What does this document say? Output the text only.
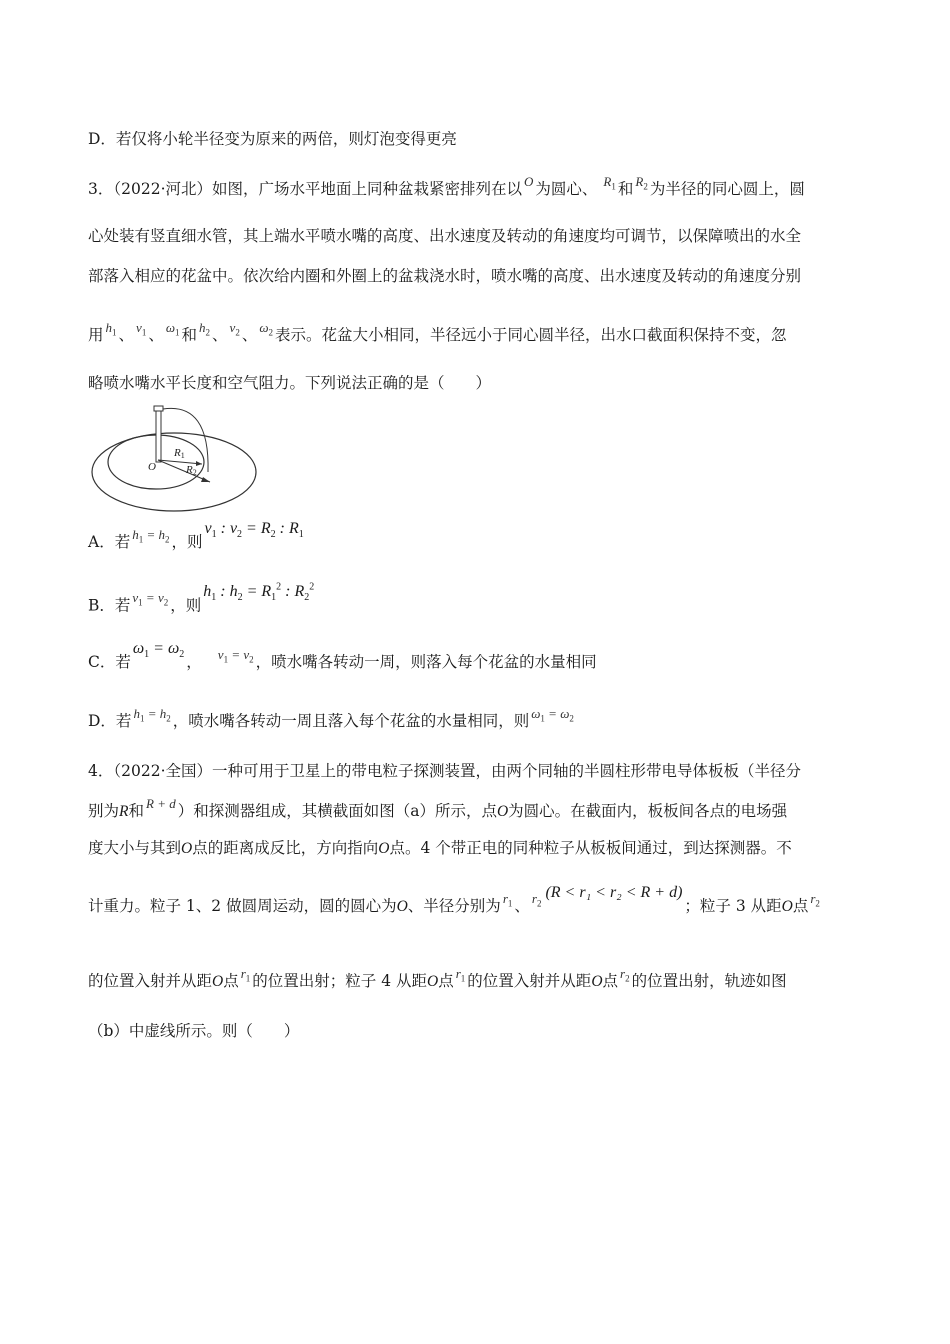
D．若仅将小轮半径变为原来的两倍，则灯泡变得更亮
3．（2022·河北）如图，广场水平地面上同种盆栽紧密排列在以 $^O$ 为圆心、 $^{R_1}$ 和 $^{R_2}$ 为半径的同心圆上，圆
心处装有竖直细水管，其上端水平喷水嘴的高度、出水速度及转动的角速度均可调节，以保障喷出的水全
部落入相应的花盆中。依次给内圈和外圈上的盆栽浇水时，喷水嘴的高度、出水速度及转动的角速度分别
用 $^{h_1}$ 、 $^{v_1}$ 、 $^{\omega_1}$ 和 $^{h_2}$ 、 $^{v_2}$ 、 $^{\omega_2}$ 表示。花盆大小相同，半径远小于同心圆半径，出水口截面积保持不变，忽
略喷水嘴水平长度和空气阻力。下列说法正确的是（　　）
O
R1
R2
A．若 $^{h_1 = h_2}$ ，则$v_1$ : $v_2 = R_2$ : $R_1$
B．若 $^{v_1 = v_2}$ ，则$h_1$ : $h_2 = R_1^2$ : $R_2^2$
C．若$\omega_1 = \omega_2$ ， $^{v_1 = v_2}$ ，喷水嘴各转动一周，则落入每个花盆的水量相同
D．若 $^{h_1 = h_2}$ ，喷水嘴各转动一周且落入每个花盆的水量相同，则 $^{\omega_1 = \omega_2}$
4．（2022·全国）一种可用于卫星上的带电粒子探测装置，由两个同轴的半圆柱形带电导体板板（半径分
别为R和 $^{R + d}$ ）和探测器组成，其横截面如图（a）所示，点O为圆心。在截面内，板板间各点的电场强
度大小与其到O点的距离成反比，方向指向O点。4 个带正电的同种粒子从板板间通过，到达探测器。不
计重力。粒子 1、2 做圆周运动，圆的圆心为O、半径分别为 $^{r_1}$ 、 $^{r_2}$(R < r₁ < r₂ < R + d)；粒子 3 从距O点 $^{r_2}$
的位置入射并从距O点 $^{r_1}$ 的位置出射；粒子 4 从距O点 $^{r_1}$ 的位置入射并从距O点 $^{r_2}$ 的位置出射，轨迹如图
（b）中虚线所示。则（　　）
